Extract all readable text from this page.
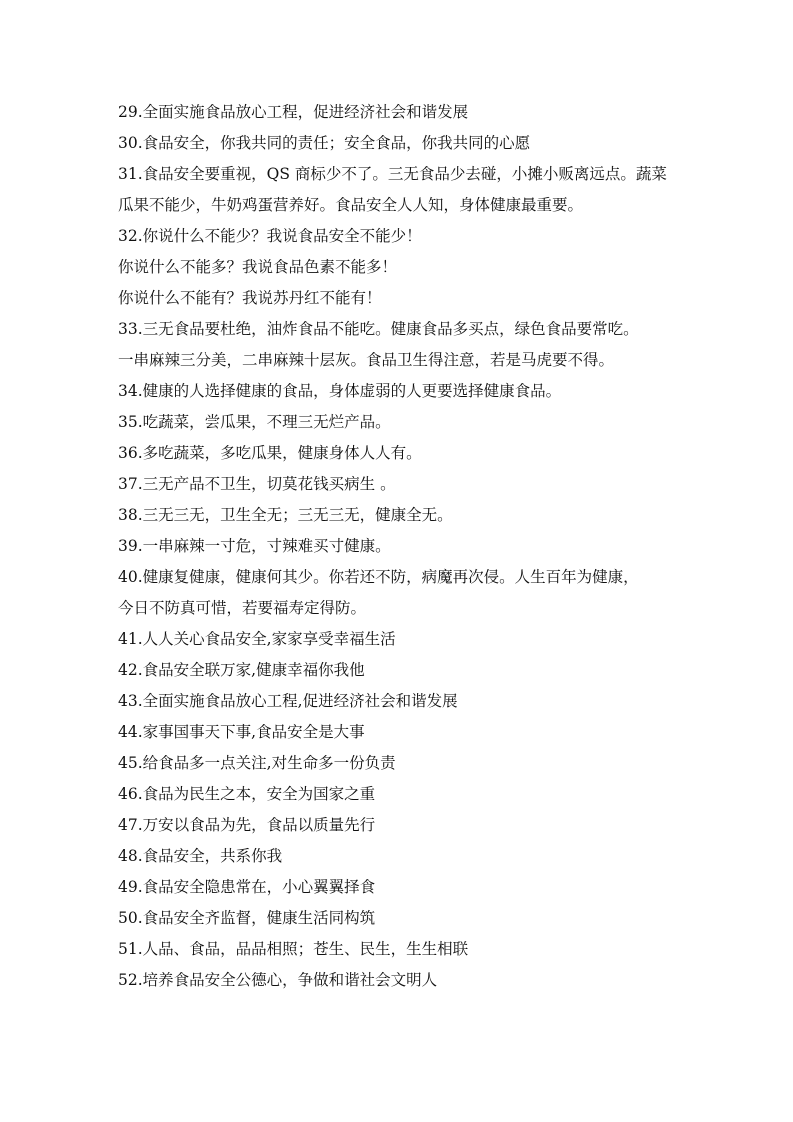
29.全面实施食品放心工程，促进经济社会和谐发展
30.食品安全，你我共同的责任；安全食品，你我共同的心愿
31.食品安全要重视，QS 商标少不了。三无食品少去碰，小摊小贩离远点。蔬菜
瓜果不能少，牛奶鸡蛋营养好。食品安全人人知，身体健康最重要。
32.你说什么不能少？我说食品安全不能少！
你说什么不能多？我说食品色素不能多！
你说什么不能有？我说苏丹红不能有！
33.三无食品要杜绝，油炸食品不能吃。健康食品多买点，绿色食品要常吃。
一串麻辣三分美，二串麻辣十层灰。食品卫生得注意，若是马虎要不得。
34.健康的人选择健康的食品，身体虚弱的人更要选择健康食品。
35.吃蔬菜，尝瓜果，不理三无烂产品。
36.多吃蔬菜，多吃瓜果，健康身体人人有。
37.三无产品不卫生，切莫花钱买病生 。
38.三无三无，卫生全无；三无三无，健康全无。
39.一串麻辣一寸危，寸辣难买寸健康。
40.健康复健康，健康何其少。你若还不防，病魔再次侵。人生百年为健康，
今日不防真可惜，若要福寿定得防。
41.人人关心食品安全,家家享受幸福生活
42.食品安全联万家,健康幸福你我他
43.全面实施食品放心工程,促进经济社会和谐发展
44.家事国事天下事,食品安全是大事
45.给食品多一点关注,对生命多一份负责
46.食品为民生之本，安全为国家之重
47.万安以食品为先，食品以质量先行
48.食品安全，共系你我
49.食品安全隐患常在，小心翼翼择食
50.食品安全齐监督，健康生活同构筑
51.人品、食品，品品相照；苍生、民生，生生相联
52.培养食品安全公德心，争做和谐社会文明人
